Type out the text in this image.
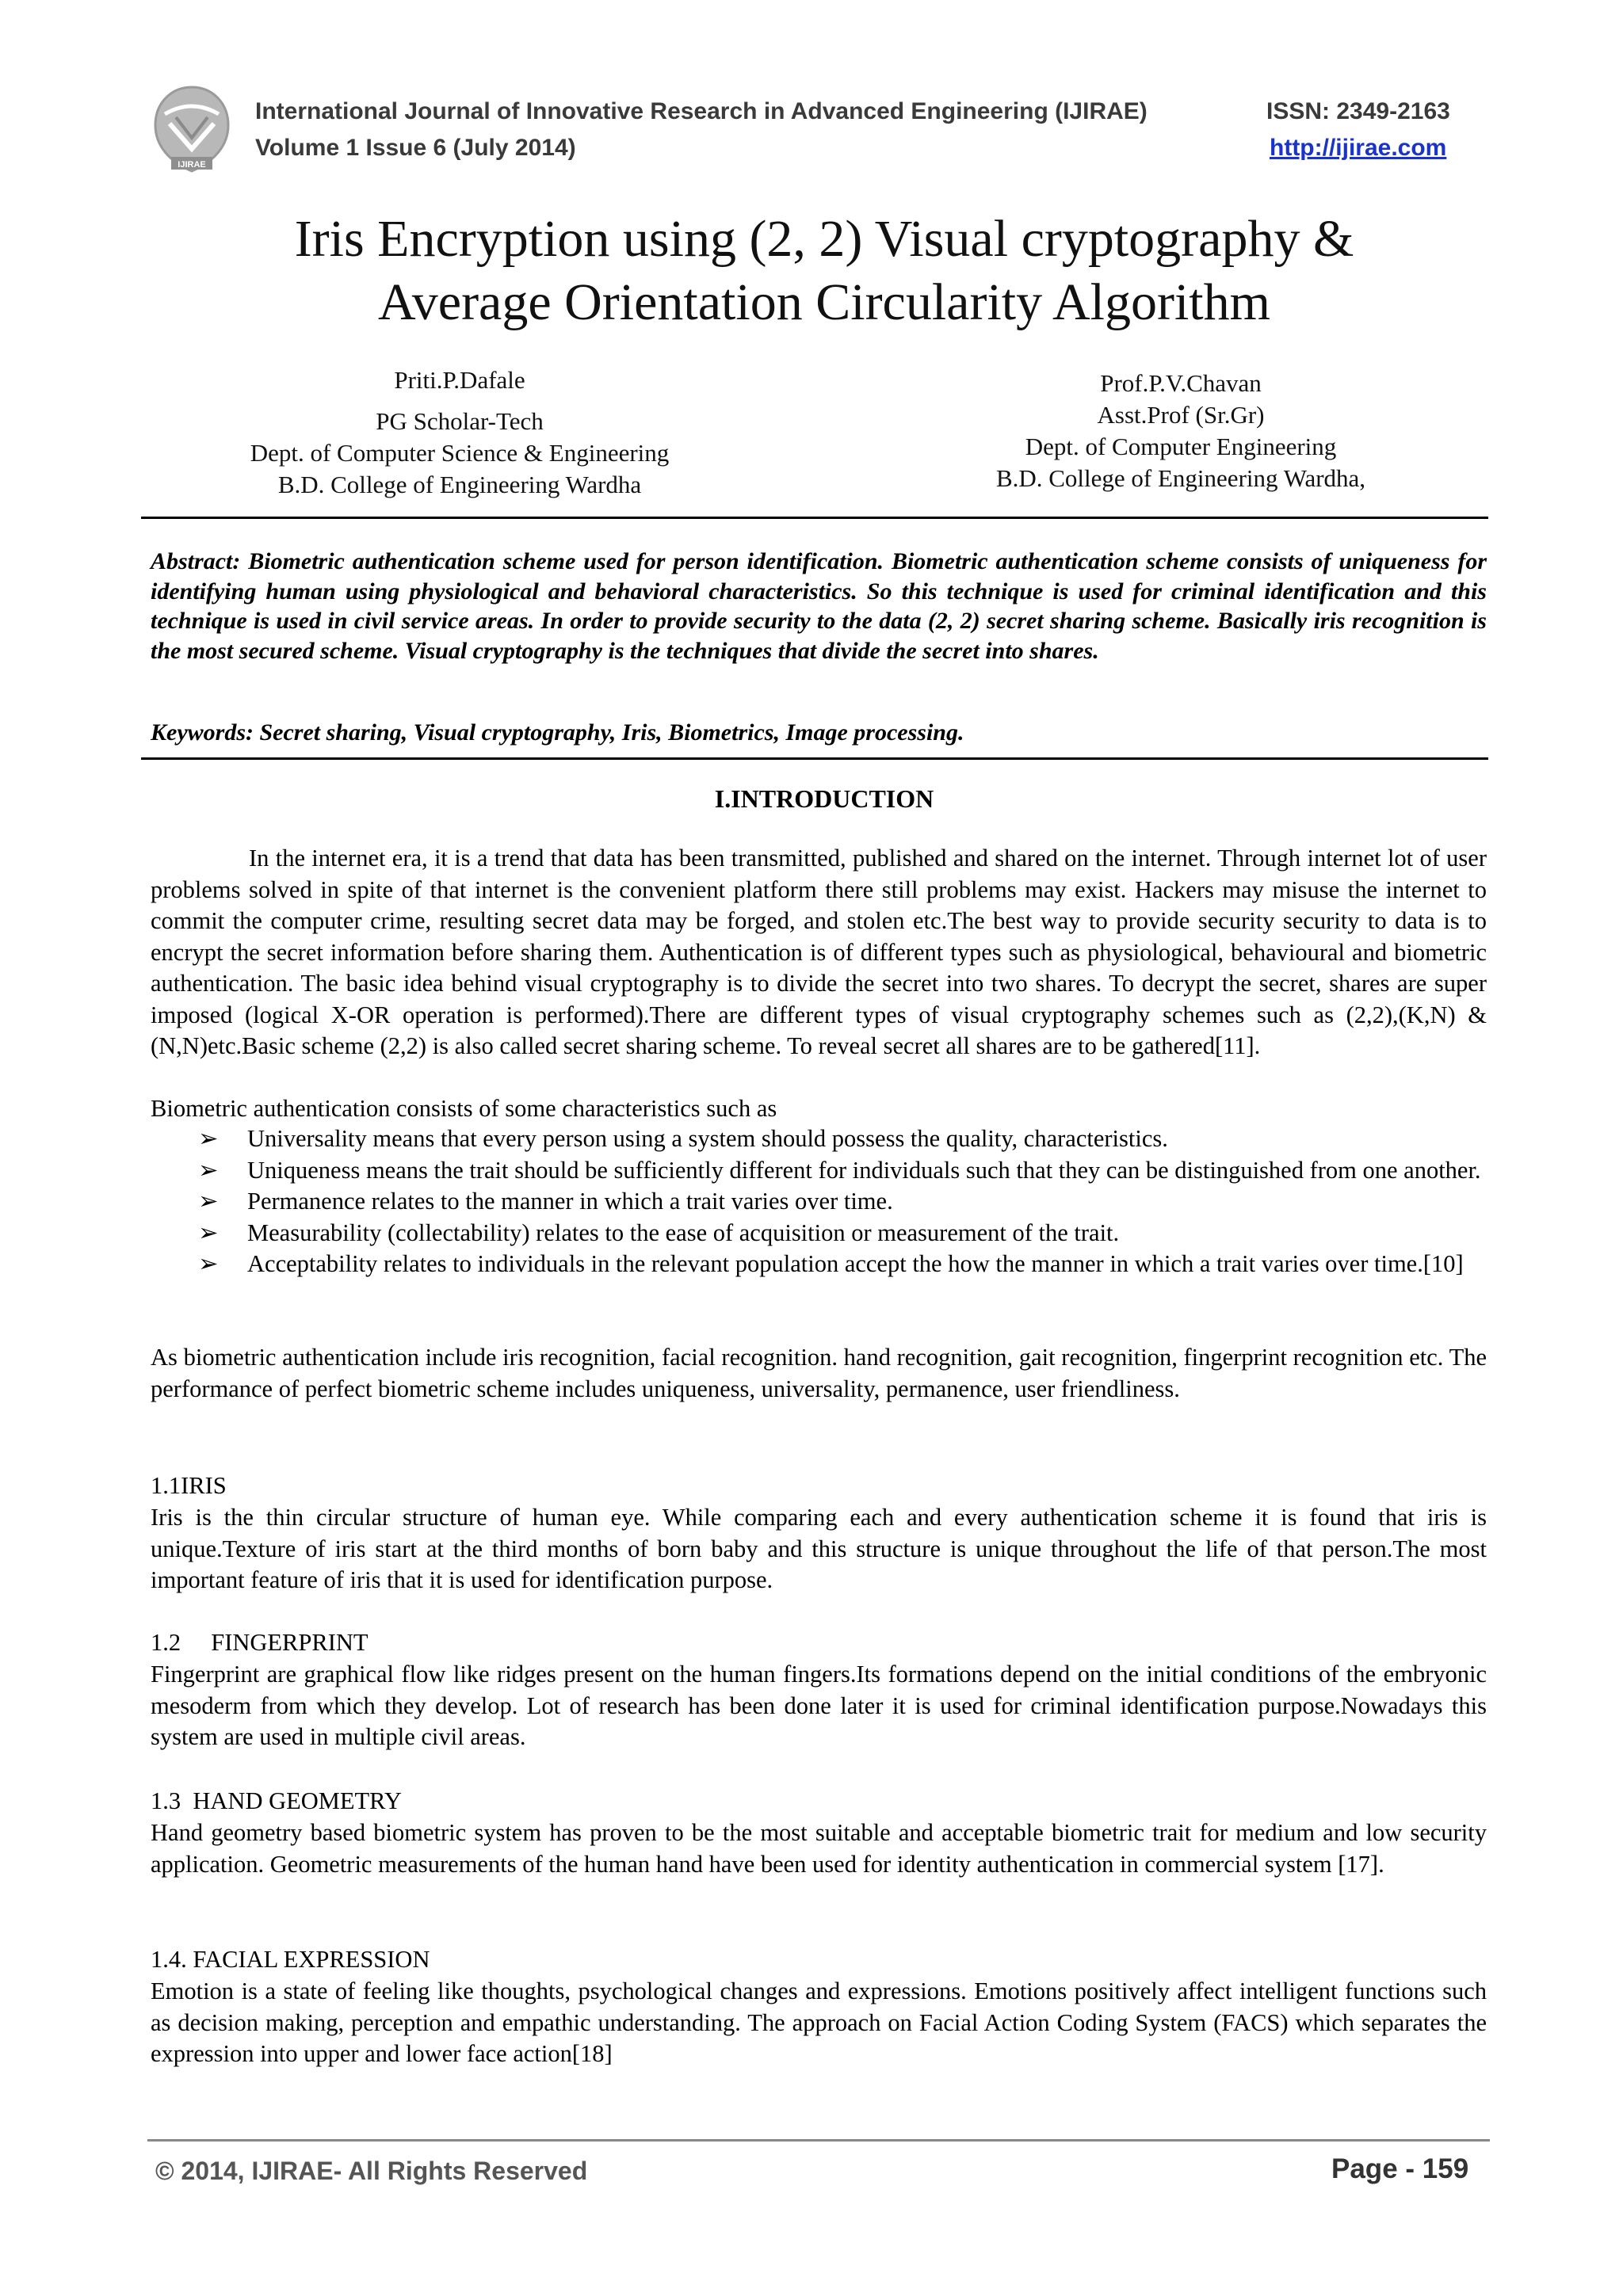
IJIRAE
International Journal of Innovative Research in Advanced Engineering (IJIRAE)	ISSN: 2349-2163
Volume 1 Issue 6 (July 2014)	http://ijirae.com
Iris Encryption using (2, 2) Visual cryptography &
Average Orientation Circularity Algorithm
Priti.P.Dafale
PG Scholar-Tech
Dept. of Computer Science & Engineering
B.D. College of Engineering Wardha
Prof.P.V.Chavan
Asst.Prof (Sr.Gr)
Dept. of Computer Engineering
B.D. College of Engineering Wardha,
Abstract: Biometric authentication scheme used for person identification. Biometric authentication scheme consists of uniqueness for identifying human using physiological and behavioral characteristics. So this technique is used for criminal identification and this technique is used in civil service areas. In order to provide security to the data (2, 2) secret sharing scheme. Basically iris recognition is the most secured scheme. Visual cryptography is the techniques that divide the secret into shares.
Keywords: Secret sharing, Visual cryptography, Iris, Biometrics, Image processing.
I.INTRODUCTION
In the internet era, it is a trend that data has been transmitted, published and shared on the internet. Through internet lot of user problems solved in spite of that internet is the convenient platform there still problems may exist. Hackers may misuse the internet to commit the computer crime, resulting secret data may be forged, and stolen etc.The best way to provide security security to data is to encrypt the secret information before sharing them. Authentication is of different types such as physiological, behavioural and biometric authentication. The basic idea behind visual cryptography is to divide the secret into two shares. To decrypt the secret, shares are super imposed (logical X-OR operation is performed).There are different types of visual cryptography schemes such as (2,2),(K,N) & (N,N)etc.Basic scheme (2,2) is also called secret sharing scheme. To reveal secret all shares are to be gathered[11].
Biometric authentication consists of some characteristics such as
➢	Universality means that every person using a system should possess the quality, characteristics.
➢	Uniqueness means the trait should be sufficiently different for individuals such that they can be distinguished from one another.
➢	Permanence relates to the manner in which a trait varies over time.
➢	Measurability (collectability) relates to the ease of acquisition or measurement of the trait.
➢	Acceptability relates to individuals in the relevant population accept the how the manner in which a trait varies over time.[10]
As biometric authentication include iris recognition, facial recognition. hand recognition, gait recognition, fingerprint recognition etc. The performance of perfect biometric scheme includes uniqueness, universality, permanence, user friendliness.
1.1IRIS
Iris is the thin circular structure of human eye. While comparing each and every authentication scheme it is found that iris is unique.Texture of iris start at the third months of born baby and this structure is unique throughout the life of that person.The most important feature of iris that it is used for identification purpose.
1.2     FINGERPRINT
Fingerprint are graphical flow like ridges present on the human fingers.Its formations depend on the initial conditions of the embryonic mesoderm from which they develop. Lot of research has been done later it is used for criminal identification purpose.Nowadays this system are used in multiple civil areas.
1.3  HAND GEOMETRY
Hand geometry based biometric system has proven to be the most suitable and acceptable biometric trait for medium and low security application. Geometric measurements of the human hand have been used for identity authentication in commercial system [17].
1.4. FACIAL EXPRESSION
Emotion is a state of feeling like thoughts, psychological changes and expressions. Emotions positively affect intelligent functions such as decision making, perception and empathic understanding. The approach on Facial Action Coding System (FACS) which separates the expression into upper and lower face action[18]
© 2014, IJIRAE- All Rights Reserved	Page - 159
